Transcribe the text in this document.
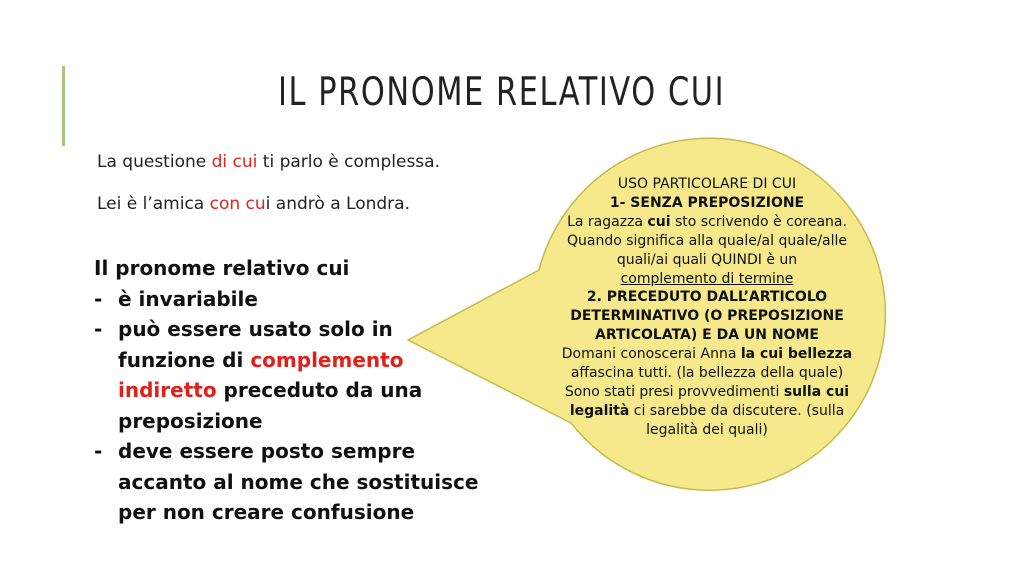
IL PRONOME RELATIVO CUI
La questione di cui ti parlo è complessa.
Lei è l’amica con cui andrò a Londra.
Il pronome relativo cui
- è invariabile
- può essere usato solo in
funzione di complemento
indiretto preceduto da una
preposizione
- deve essere posto sempre
accanto al nome che sostituisce
per non creare confusione
USO PARTICOLARE DI CUI
1- SENZA PREPOSIZIONE
La ragazza cui sto scrivendo è coreana.
Quando significa alla quale/al quale/alle quali/ai quali QUINDI è un
complemento di termine
2. PRECEDUTO DALL’ARTICOLO DETERMINATIVO (O PREPOSIZIONE ARTICOLATA) E DA UN NOME
Domani conoscerai Anna la cui bellezza affascina tutti. (la bellezza della quale)
Sono stati presi provvedimenti sulla cui legalità ci sarebbe da discutere. (sulla legalità dei quali)
